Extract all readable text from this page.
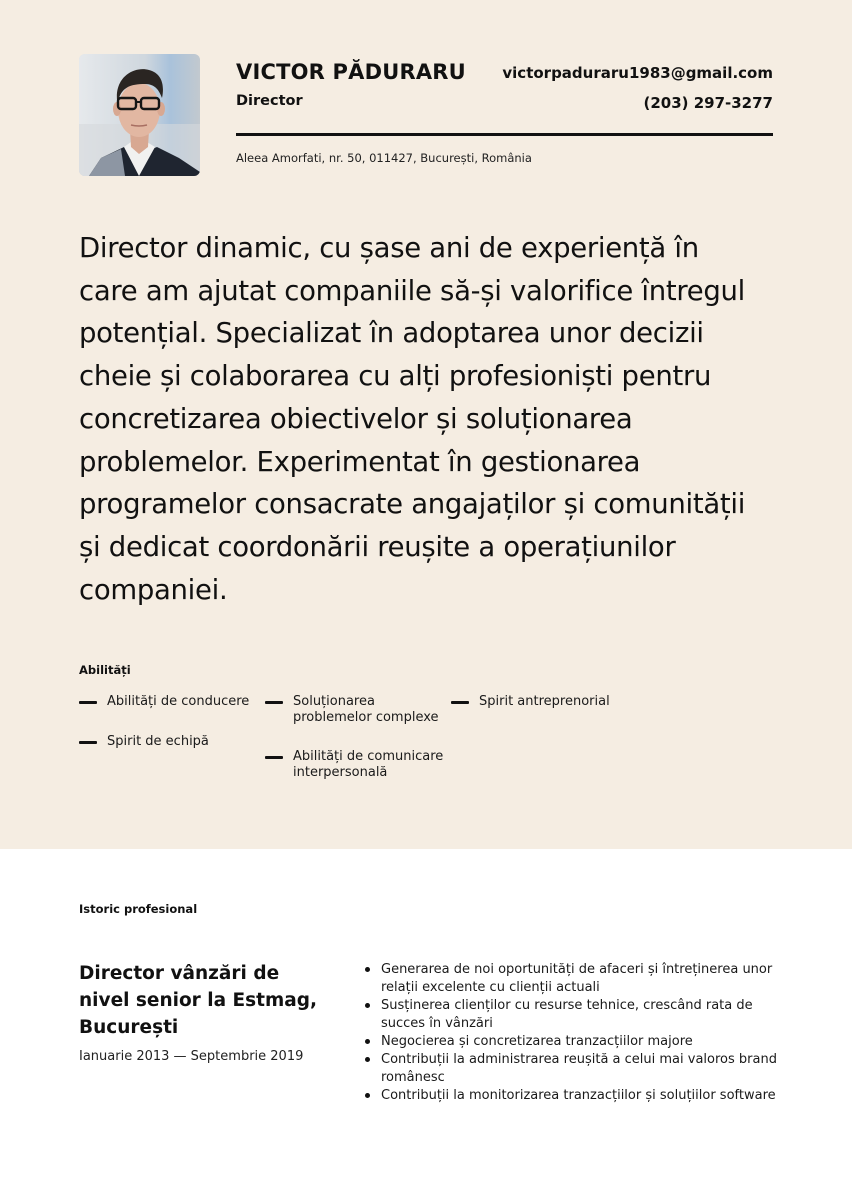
VICTOR PĂDURARU
Director
victorpaduraru1983@gmail.com
(203) 297-3277
Aleea Amorfati, nr. 50, 011427, București, România

Director dinamic, cu șase ani de experiență în care am ajutat companiile să-și valorifice întregul potențial. Specializat în adoptarea unor decizii cheie și colaborarea cu alți profesioniști pentru concretizarea obiectivelor și soluționarea problemelor. Experimentat în gestionarea programelor consacrate angajaților și comunității și dedicat coordonării reușite a operațiunilor companiei.

Abilități
Abilități de conducere	Soluționarea problemelor complexe
Spirit antreprenorial
Spirit de echipă
Abilități de comunicare interpersonală
Istoric profesional
Director vânzări de nivel senior la Estmag, București
Ianuarie 2013 — Septembrie 2019
Generarea de noi oportunități de afaceri și întreținerea unor relații excelente cu clienții actuali
Susținerea clienților cu resurse tehnice, crescând rata de succes în vânzări
Negocierea și concretizarea tranzacțiilor majore
Contribuții la administrarea reușită a celui mai valoros brand românesc
Contribuții la monitorizarea tranzacțiilor și soluțiilor software
